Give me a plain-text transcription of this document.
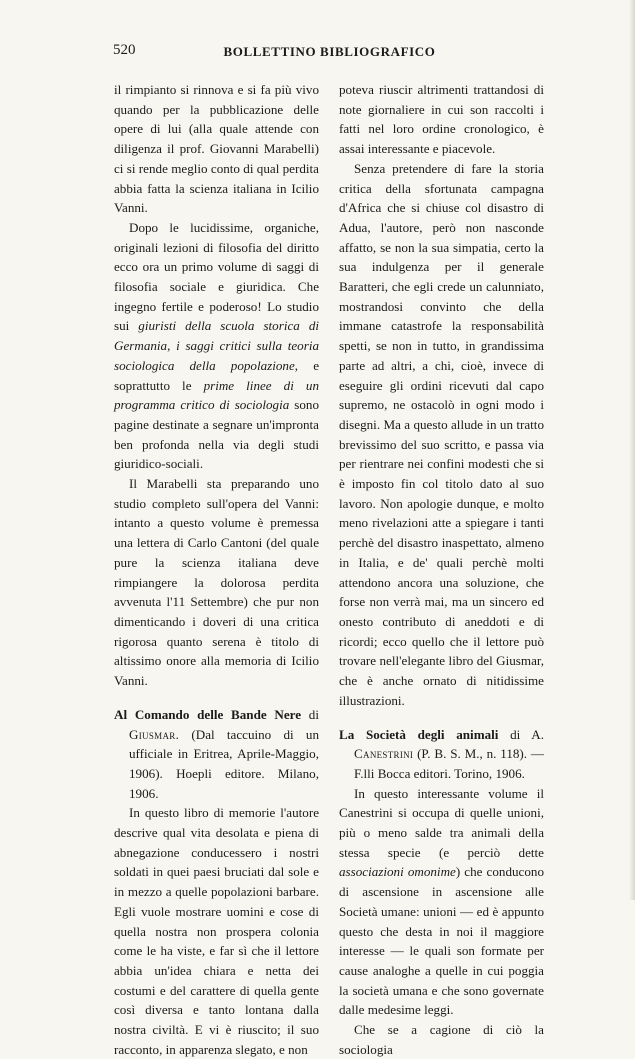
520	BOLLETTINO BIBLIOGRAFICO

il rimpianto si rinnova e si fa più vivo quando per la pubblicazione delle opere di lui (alla quale attende con diligenza il prof. Giovanni Marabelli) ci si rende meglio conto di qual perdita abbia fatta la scienza italiana in Icilio Vanni.

Dopo le lucidissime, organiche, originali lezioni di filosofia del diritto ecco ora un primo volume di saggi di filosofia sociale e giuridica. Che ingegno fertile e poderoso! Lo studio sui giuristi della scuola storica di Germania, i saggi critici sulla teoria sociologica della popolazione, e soprattutto le prime linee di un programma critico di sociologia sono pagine destinate a segnare un'impronta ben profonda nella via degli studi giuridico-sociali.

Il Marabelli sta preparando uno studio completo sull'opera del Vanni: intanto a questo volume è premessa una lettera di Carlo Cantoni (del quale pure la scienza italiana deve rimpiangere la dolorosa perdita avvenuta l'11 Settembre) che pur non dimenticando i doveri di una critica rigorosa quanto serena è titolo di altissimo onore alla memoria di Icilio Vanni.

Al Comando delle Bande Nere di Giusmar. (Dal taccuino di un ufficiale in Eritrea, Aprile-Maggio, 1906). Hoepli editore. Milano, 1906.

In questo libro di memorie l'autore descrive qual vita desolata e piena di abnegazione conducessero i nostri soldati in quei paesi bruciati dal sole e in mezzo a quelle popolazioni barbare. Egli vuole mostrare uomini e cose di quella nostra non prospera colonia come le ha viste, e far sì che il lettore abbia un'idea chiara e netta dei costumi e del carattere di quella gente così diversa e tanto lontana dalla nostra civiltà. E vi è riuscito; il suo racconto, in apparenza slegato, e non

poteva riuscir altrimenti trattandosi di note giornaliere in cui son raccolti i fatti nel loro ordine cronologico, è assai interessante e piacevole.

Senza pretendere di fare la storia critica della sfortunata campagna d'Africa che si chiuse col disastro di Adua, l'autore, però non nasconde affatto, se non la sua simpatia, certo la sua indulgenza per il generale Baratteri, che egli crede un calunniato, mostrandosi convinto che della immane catastrofe la responsabilità spetti, se non in tutto, in grandissima parte ad altri, a chi, cioè, invece di eseguire gli ordini ricevuti dal capo supremo, ne ostacolò in ogni modo i disegni. Ma a questo allude in un tratto brevissimo del suo scritto, e passa via per rientrare nei confini modesti che si è imposto fin col titolo dato al suo lavoro. Non apologie dunque, e molto meno rivelazioni atte a spiegare i tanti perchè del disastro inaspettato, almeno in Italia, e de' quali perchè molti attendono ancora una soluzione, che forse non verrà mai, ma un sincero ed onesto contributo di aneddoti e di ricordi; ecco quello che il lettore può trovare nell'elegante libro del Giusmar, che è anche ornato di nitidissime illustrazioni.

La Società degli animali di A. Canestrini (P. B. S. M., n. 118). — F.lli Bocca editori. Torino, 1906.

In questo interessante volume il Canestrini si occupa di quelle unioni, più o meno salde tra animali della stessa specie (e perciò dette associazioni omonime) che conducono di ascensione in ascensione alle Società umane: unioni — ed è appunto questo che desta in noi il maggiore interesse — le quali son formate per cause analoghe a quelle in cui poggia la società umana e che sono governate dalle medesime leggi.

Che se a cagione di ciò la sociologia
